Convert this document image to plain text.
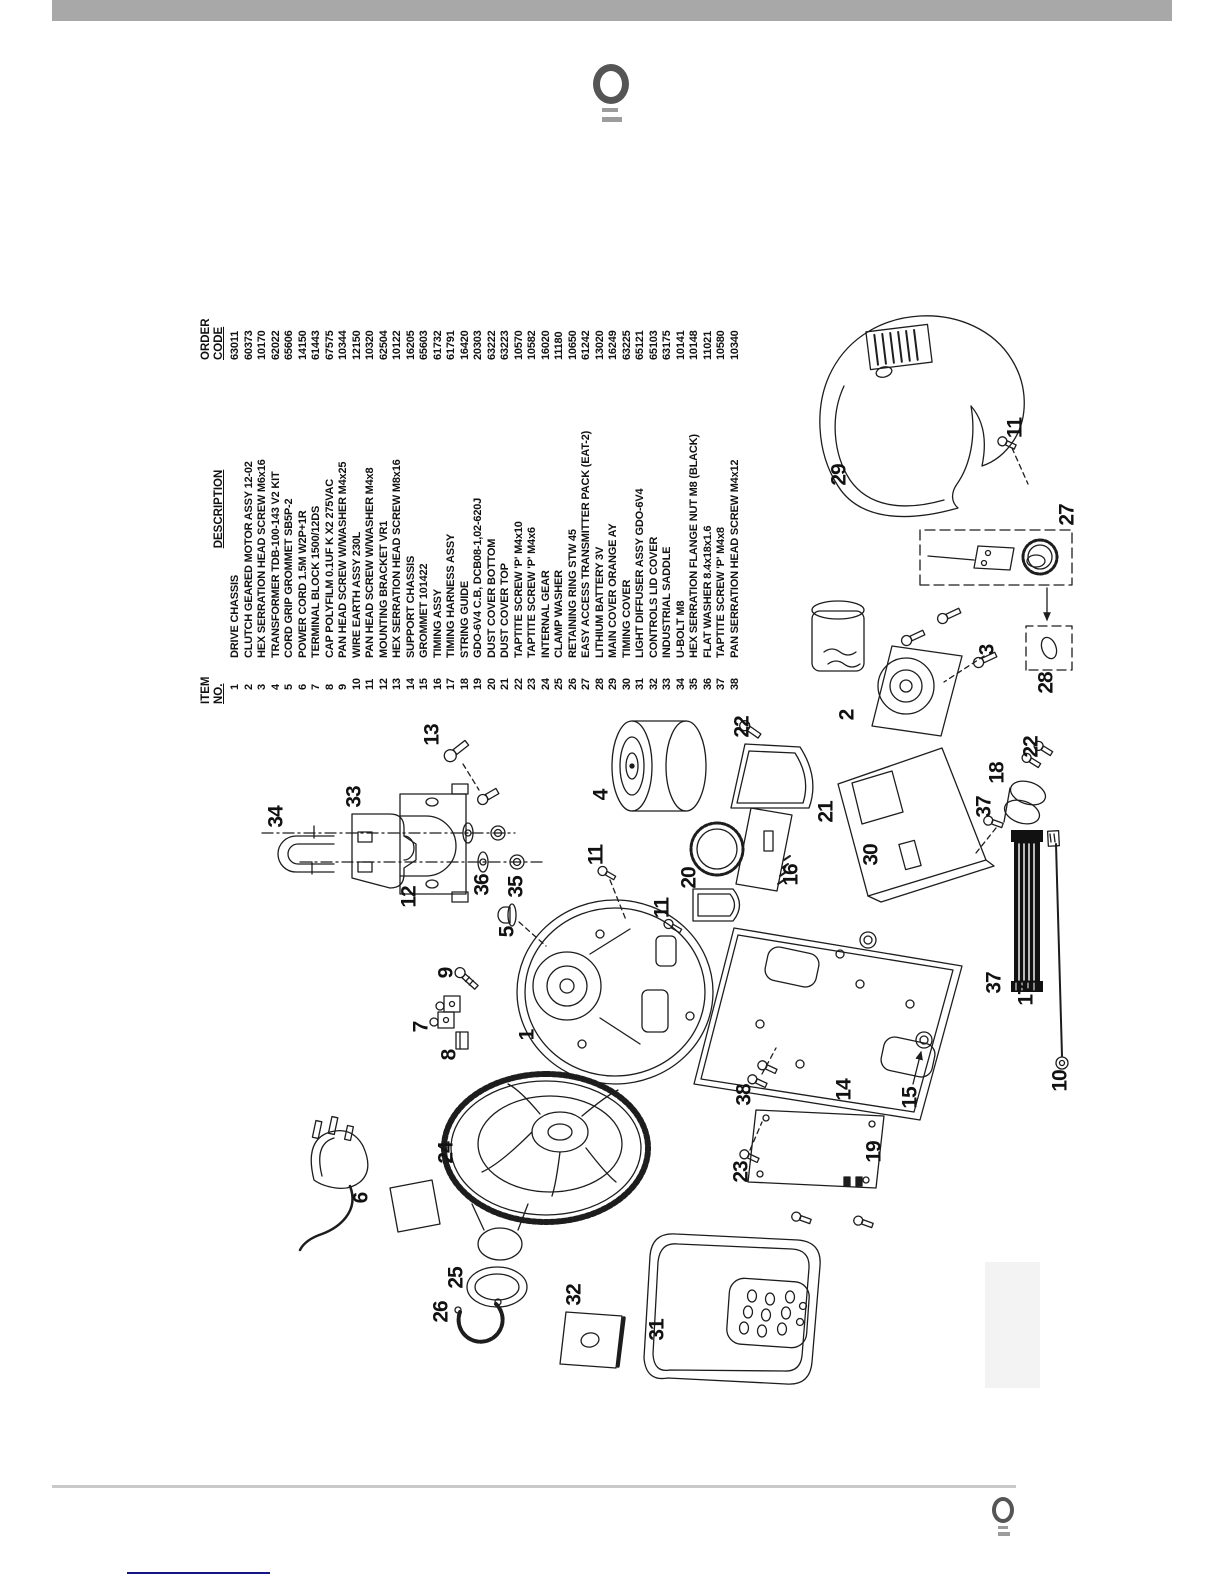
13
34
33
12
36 35
5
9
7
8
1
11
11
4
22
21
16
20
30
37
18
22
29
11
27
28
2
3
24
6
25
26
32
31
23
19
38	14 15
17
37
10
ITEM NO.
DESCRIPTION
ORDER CODE
1
DRIVE CHASSIS
63011
2
CLUTCH GEARED MOTOR ASSY 12-02
60373
3
HEX SERRATION HEAD SCREW M6x16
10170
4
TRANSFORMER TDB-100-143 V2 KIT
62022
5
CORD GRIP GROMMET SB5P-2
65606
6
POWER CORD 1.5M W2P+1R
14150
7
TERMINAL BLOCK 1500/12DS
61443
8
CAP POLYFILM 0.1UF K X2 275VAC
67575
9
PAN HEAD SCREW W/WASHER M4x25
10344
10
WIRE EARTH ASSY 230L
12150
11
PAN HEAD SCREW W/WASHER M4x8
10320
12
MOUNTING BRACKET VR1
62504
13
HEX SERRATION HEAD SCREW M8x16
10122
14
SUPPORT CHASSIS
16205
15
GROMMET 101422
65603
16
TIMING ASSY
61732
17
TIMING HARNESS ASSY
61791
18
STRING GUIDE
16420
19
GDO-6V4 C.B, DCB08-1,02-620J
20303
20
DUST COVER BOTTOM
63222
21
DUST COVER TOP
63223
22
TAPTITE SCREW 'P' M4x10
10570
23
TAPTITE SCREW 'P' M4x6
10582
24
INTERNAL GEAR
16020
25
CLAMP WASHER
11180
26
RETAINING RING STW 45
10650
27
EASY ACCESS TRANSMITTER PACK (EAT-2)
61242
28
LITHIUM BATTERY 3V
13020
29
MAIN COVER ORANGE AY
16249
30
TIMING COVER
63225
31
LIGHT DIFFUSER ASSY GDO-6V4
65121
32
CONTROLS LID COVER
65103
33
INDUSTRIAL SADDLE
63175
34
U-BOLT M8
10141
35
HEX SERRATION FLANGE NUT M8 (BLACK)
10148
36
FLAT WASHER 8.4x18x1.6
11021
37
TAPTITE SCREW 'P' M4x8
10580
38
PAN SERRATION HEAD SCREW M4x12
10340
